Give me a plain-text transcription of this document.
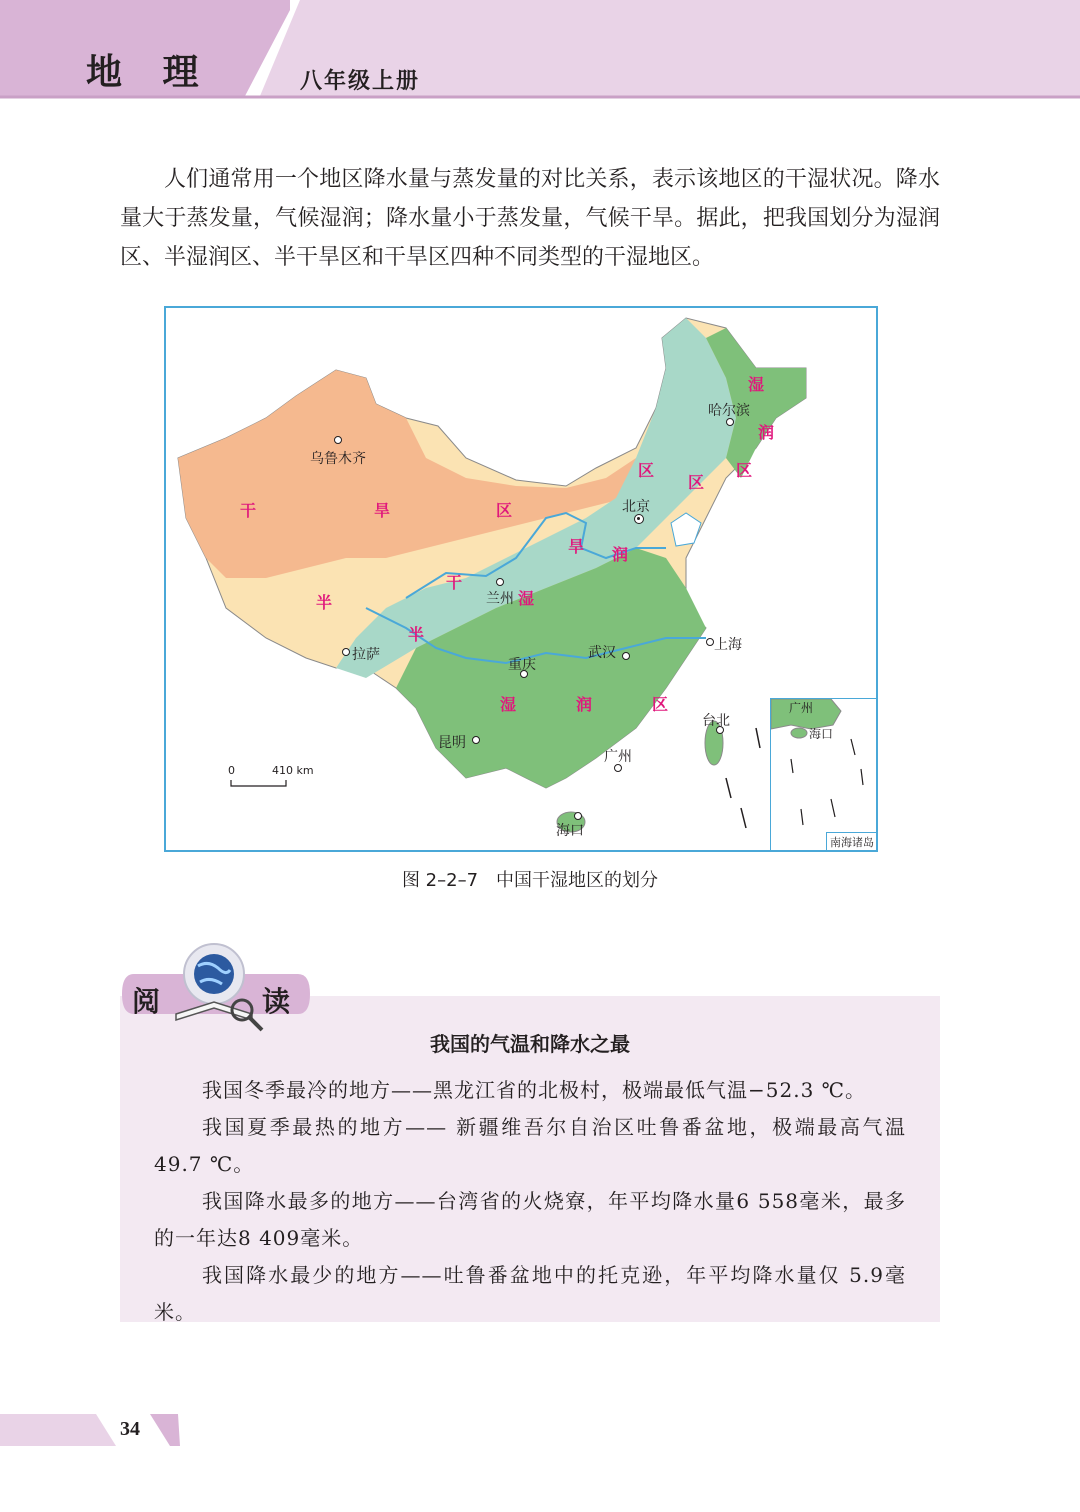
地 理	八年级上册

人们通常用一个地区降水量与蒸发量的对比关系，表示该地区的干湿状况。降水量大于蒸发量，气候湿润；降水量小于蒸发量，气候干旱。据此，把我国划分为湿润区、半湿润区、半干旱区和干旱区四种不同类型的干湿地区。

干	旱	区
半
干
旱
区
半
湿
润
区
湿	润	区
湿
润
区
乌鲁木齐
哈尔滨
北京
兰州
拉萨
重庆
武汉	上海
昆明
台北
广州
海口
0	410 km
广州
海口
南海诸岛
图 2–2–7　中国干湿地区的划分
阅	读
我国的气温和降水之最

我国冬季最冷的地方——黑龙江省的北极村，极端最低气温−52.3 ℃。

我国夏季最热的地方—— 新疆维吾尔自治区吐鲁番盆地，极端最高气温49.7 ℃。

我国降水最多的地方——台湾省的火烧寮，年平均降水量6 558毫米，最多的一年达8 409毫米。

我国降水最少的地方——吐鲁番盆地中的托克逊，年平均降水量仅 5.9毫米。

34
